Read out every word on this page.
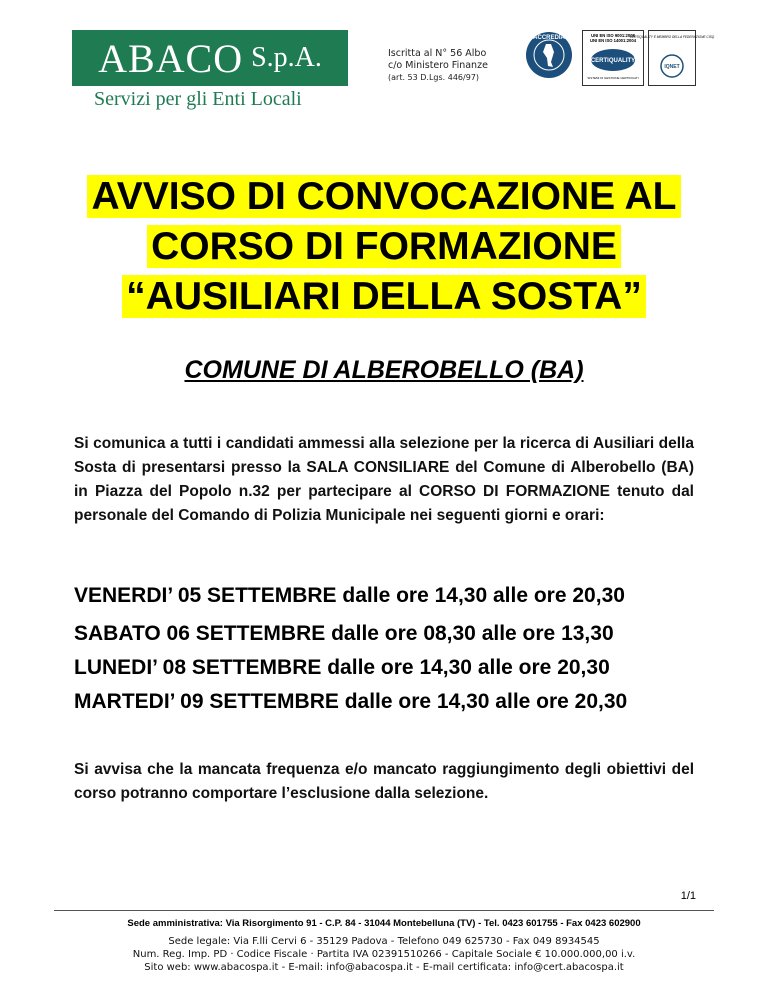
ABACO S.p.A.
Servizi per gli Enti Locali
Iscritta al N° 56 Albo
c/o Ministero Finanze
(art. 53 D.Lgs. 446/97)
ACCREDIA	UNI EN ISO 9001:2008
UNI EN ISO 14001:2004
CERTIQUALITY
SISTEMI DI GESTIONE CERTIFICATI
CERTIQUALITY È MEMBRO DELLA FEDERAZIONE CISQ
IQNET
AVVISO DI CONVOCAZIONE AL
CORSO DI FORMAZIONE
“AUSILIARI DELLA SOSTA”
COMUNE DI ALBEROBELLO (BA)
Si comunica a tutti i candidati ammessi alla selezione per la ricerca di Ausiliari della Sosta di presentarsi presso la SALA CONSILIARE del Comune di Alberobello (BA) in Piazza del Popolo n.32 per partecipare al CORSO DI FORMAZIONE tenuto dal personale del Comando di Polizia Municipale nei seguenti giorni e orari:
VENERDI’ 05 SETTEMBRE dalle ore 14,30 alle ore 20,30
SABATO 06 SETTEMBRE dalle ore 08,30 alle ore 13,30
LUNEDI’ 08 SETTEMBRE dalle ore 14,30 alle ore 20,30
MARTEDI’ 09 SETTEMBRE dalle ore 14,30 alle ore 20,30
Si avvisa che la mancata frequenza e/o mancato raggiungimento degli obiettivi del corso potranno comportare l’esclusione dalla selezione.
1/1
Sede amministrativa: Via Risorgimento 91 - C.P. 84 - 31044 Montebelluna (TV) - Tel. 0423 601755 - Fax 0423 602900
Sede legale: Via F.lli Cervi 6 - 35129 Padova - Telefono 049 625730 - Fax 049 8934545
Num. Reg. Imp. PD · Codice Fiscale · Partita IVA 02391510266 - Capitale Sociale € 10.000.000,00 i.v.
Sito web: www.abacospa.it - E-mail: info@abacospa.it - E-mail certificata: info@cert.abacospa.it
